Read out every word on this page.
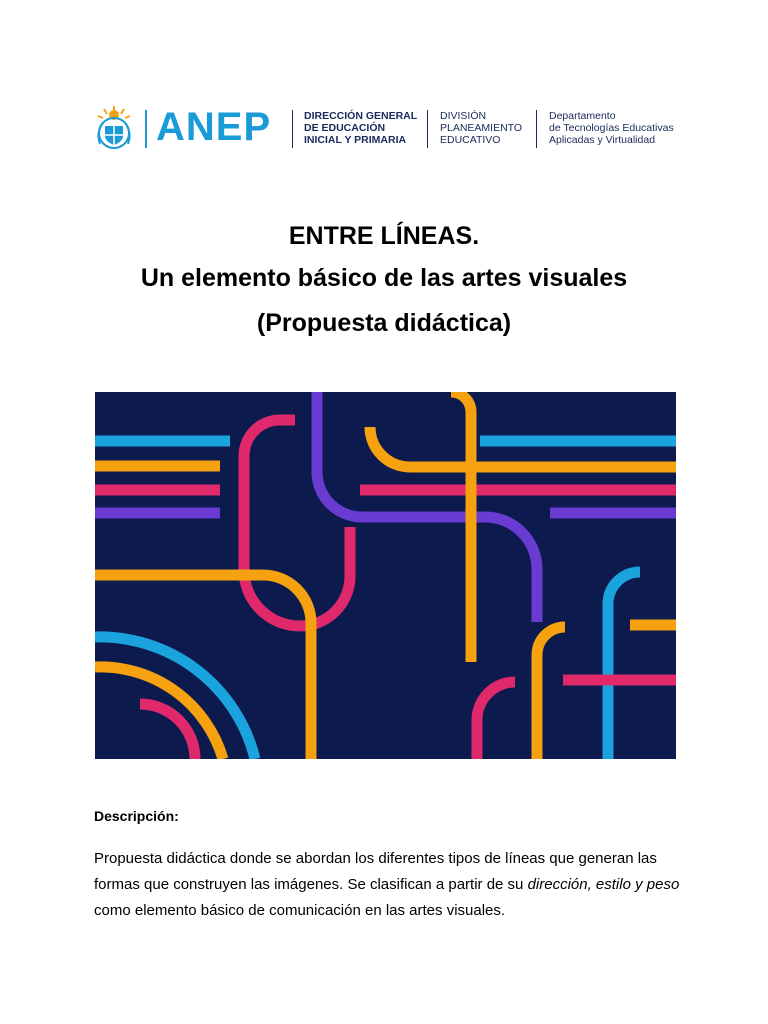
ANEP	DIRECCIÓN GENERAL
DE EDUCACIÓN
INICIAL Y PRIMARIA
DIVISIÓN
PLANEAMIENTO
EDUCATIVO
Departamento
de Tecnologías Educativas
Aplicadas y Virtualidad
ENTRE LÍNEAS.
Un elemento básico de las artes visuales
(Propuesta didáctica)
Descripción:
Propuesta didáctica donde se abordan los diferentes tipos de líneas que generan las formas que construyen las imágenes. Se clasifican a partir de su dirección, estilo y peso como elemento básico de comunicación en las artes visuales.
